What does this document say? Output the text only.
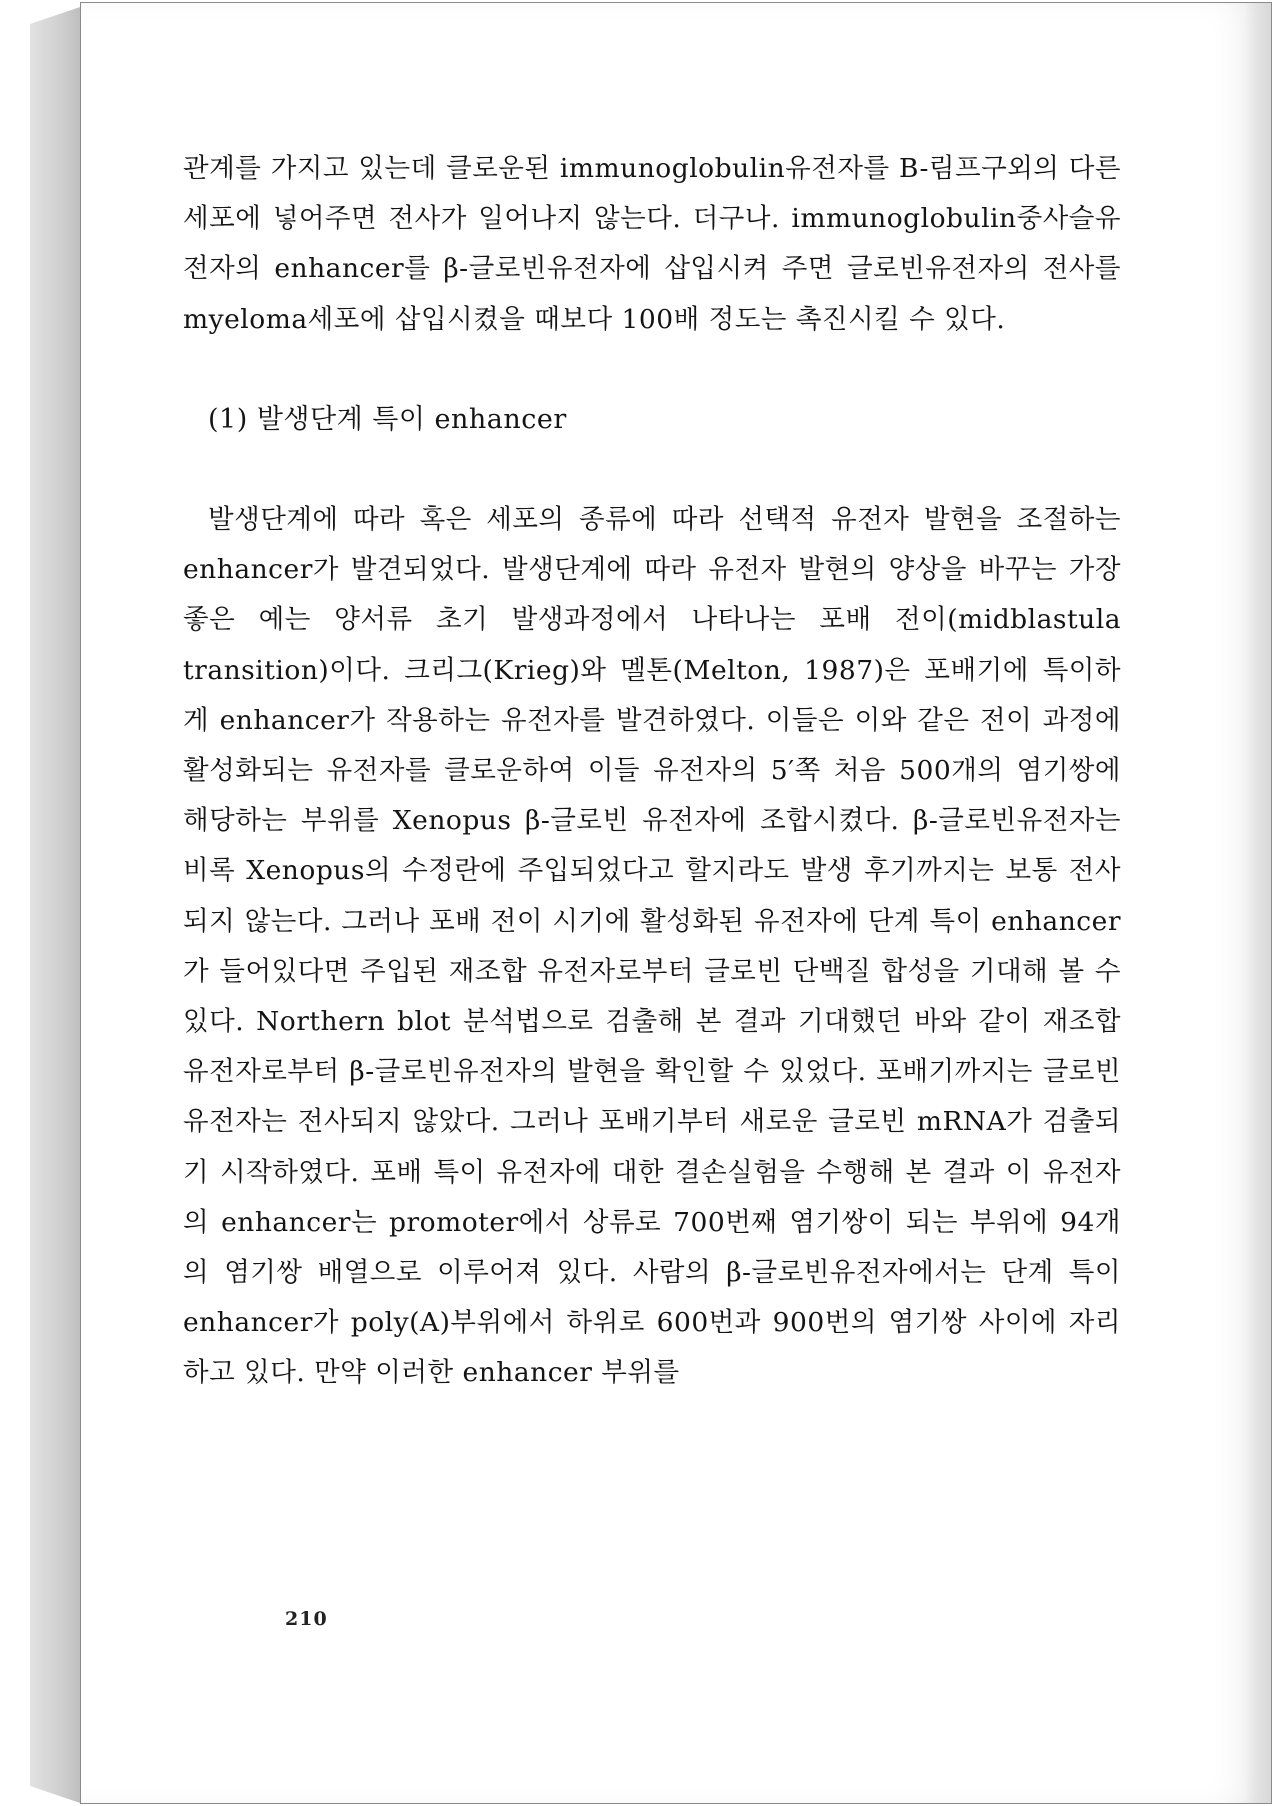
관계를 가지고 있는데 클로운된 immunoglobulin유전자를 B-림프구외의 다른 세포에 넣어주면 전사가 일어나지 않는다. 더구나. immunoglobulin중사슬유전자의 enhancer를 β-글로빈유전자에 삽입시켜 주면 글로빈유전자의 전사를 myeloma세포에 삽입시켰을 때보다 100배 정도는 촉진시킬 수 있다.

(1) 발생단계 특이 enhancer

발생단계에 따라 혹은 세포의 종류에 따라 선택적 유전자 발현을 조절하는 enhancer가 발견되었다. 발생단계에 따라 유전자 발현의 양상을 바꾸는 가장 좋은 예는 양서류 초기 발생과정에서 나타나는 포배 전이(midblastula transition)이다. 크리그(Krieg)와 멜톤(Melton, 1987)은 포배기에 특이하게 enhancer가 작용하는 유전자를 발견하였다. 이들은 이와 같은 전이 과정에 활성화되는 유전자를 클로운하여 이들 유전자의 5′쪽 처음 500개의 염기쌍에 해당하는 부위를 Xenopus β-글로빈 유전자에 조합시켰다. β-글로빈유전자는 비록 Xenopus의 수정란에 주입되었다고 할지라도 발생 후기까지는 보통 전사되지 않는다. 그러나 포배 전이 시기에 활성화된 유전자에 단계 특이 enhancer가 들어있다면 주입된 재조합 유전자로부터 글로빈 단백질 합성을 기대해 볼 수 있다. Northern blot 분석법으로 검출해 본 결과 기대했던 바와 같이 재조합 유전자로부터 β-글로빈유전자의 발현을 확인할 수 있었다. 포배기까지는 글로빈유전자는 전사되지 않았다. 그러나 포배기부터 새로운 글로빈 mRNA가 검출되기 시작하였다. 포배 특이 유전자에 대한 결손실험을 수행해 본 결과 이 유전자의 enhancer는 promoter에서 상류로 700번째 염기쌍이 되는 부위에 94개의 염기쌍 배열으로 이루어져 있다. 사람의 β-글로빈유전자에서는 단계 특이 enhancer가 poly(A)부위에서 하위로 600번과 900번의 염기쌍 사이에 자리하고 있다. 만약 이러한 enhancer 부위를

210
